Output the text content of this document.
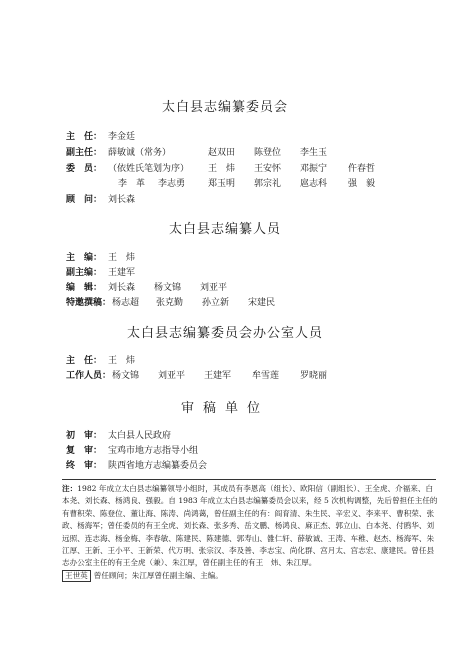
太白县志编纂委员会
主　任： 李金廷
副主任： 薛敏诚（常务）	赵双田 陈登位 李生玉
委　员： （依姓氏笔划为序） 王　炜 王安怀 邓振宁 仵春哲
李　革 李志勇	郑玉明 郭宗礼 扈志科 强　毅
顾　问： 刘长森
太白县志编纂人员
主　编： 王　炜
副主编： 王建军
编　辑： 刘长森 杨文锦 刘亚平
特邀撰稿： 杨志超 张克勤 孙立新 宋建民
太白县志编纂委员会办公室人员
主　任： 王　炜
工作人员： 杨文锦 刘亚平 王建军 牟雪莲 罗晓丽
审稿单位
初　审： 太白县人民政府
复　审： 宝鸡市地方志指导小组
终　审： 陕西省地方志编纂委员会
注：1982 年成立太白县志编纂领导小组时，其成员有李恩高（组长）、欧阳信（副组长）、王全虎、介福来、白本尧、刘长森、杨鸿良、强毅。自 1983 年成立太白县志编纂委员会以来，经 5 次机构调整，先后曾担任主任的有曹积荣、陈登位、董让海、陈涛、尚鸿蔼，曾任副主任的有：阎育清、朱生民、辛宏义、李来平、曹积荣、张政、杨海军；曾任委员的有王全虎、刘长森、张多秀、岳文鹏、杨鸿良、麻正杰、郭立山、白本尧、付鸥华、刘远照、连志海、杨金梅、李春敏、陈建民、陈建德、郭寿山、雒仁轩、薛敏诚、王涛、车稚、赵杰、杨海军、朱江厚、王新、王小平、王新荣、代万明、张宗汉、李及善、李志宝、尚化群、宫月太、宫志宏、康建民。曾任县志办公室主任的有王全虎（兼）、朱江厚，曾任副主任的有王　炜、朱江厚。
王世英 曾任顾问；朱江厚曾任副主编、主编。
